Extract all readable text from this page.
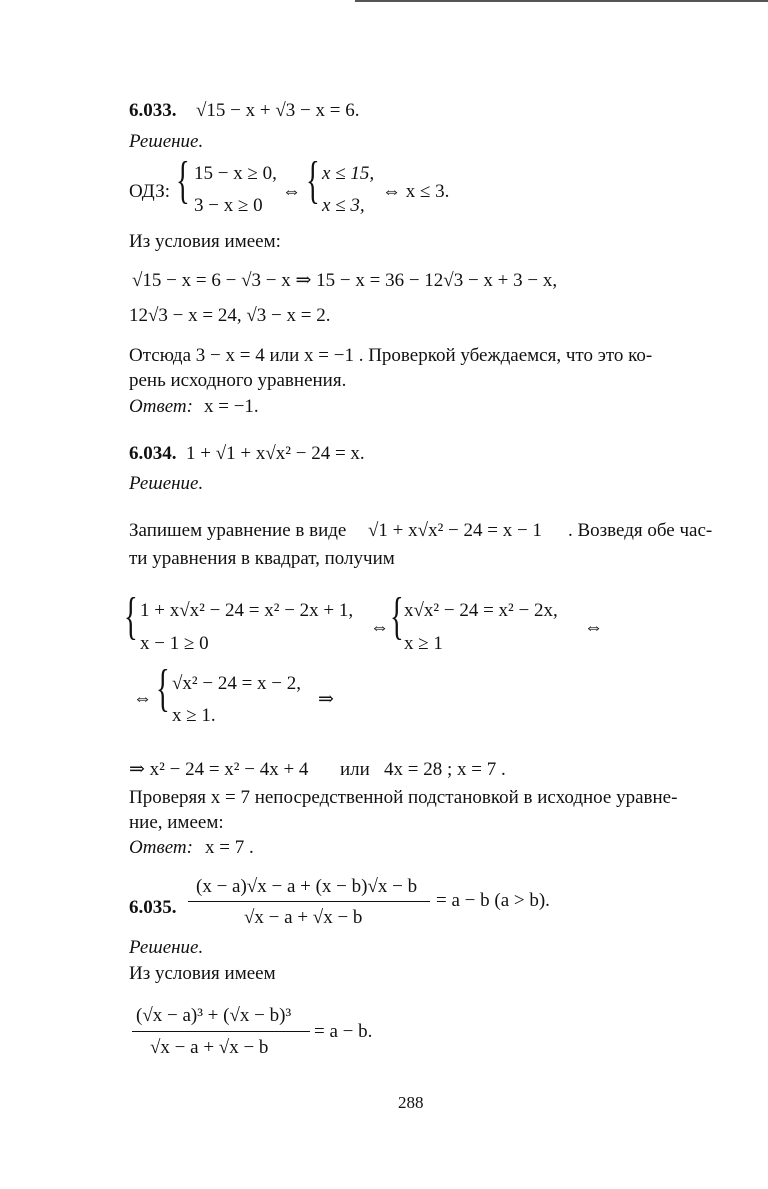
6.033. √15 − x + √3 − x = 6.
Решение.
ОДЗ: { 15 − x ≥ 0,
3 − x ≥ 0
⇔ { x ≤ 15,
x ≤ 3,
⇔ x ≤ 3.
Из условия имеем:
√15 − x = 6 − √3 − x ⇒ 15 − x = 36 − 12√3 − x + 3 − x,
12√3 − x = 24, √3 − x = 2.
Отсюда 3 − x = 4 или x = −1 . Проверкой убеждаемся, что это ко-
рень исходного уравнения.
Ответ: x = −1.
6.034. 1 + √1 + x√x² − 24 = x.
Решение.
Запишем уравнение в виде √1 + x√x² − 24 = x − 1 . Возведя обе час-
ти уравнения в квадрат, получим
{ 1 + x√x² − 24 = x² − 2x + 1,
x − 1 ≥ 0
⇔ { x√x² − 24 = x² − 2x,
x ≥ 1
⇔
⇔ { √x² − 24 = x − 2,
x ≥ 1.
⇒
⇒ x² − 24 = x² − 4x + 4 или 4x = 28 ; x = 7 .
Проверяя x = 7 непосредственной подстановкой в исходное уравне-
ние, имеем:
Ответ: x = 7 .
6.035.
(x − a)√x − a + (x − b)√x − b
√x − a + √x − b
= a − b (a > b).
Решение.
Из условия имеем
(√x − a)³ + (√x − b)³
√x − a + √x − b
= a − b.
288
